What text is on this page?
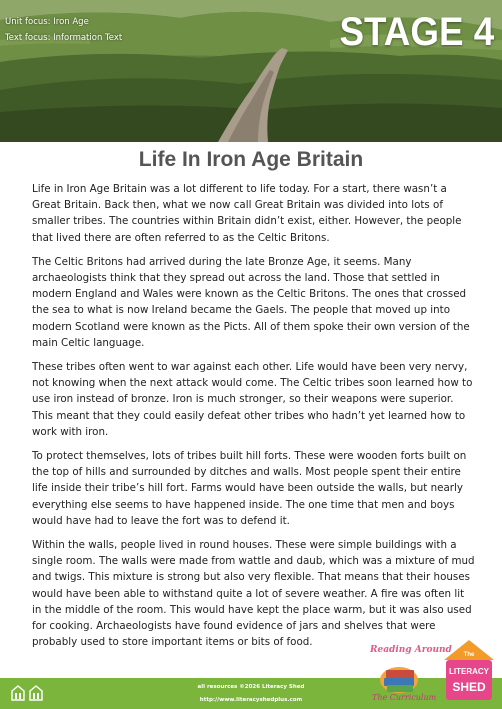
Unit focus: Iron Age
Text focus: Information Text	STAGE 4
Life In Iron Age Britain

Life in Iron Age Britain was a lot different to life today. For a start, there wasn’t a Great Britain. Back then, what we now call Great Britain was divided into lots of smaller tribes. The countries within Britain didn’t exist, either. However, the people that lived there are often referred to as the Celtic Britons.

The Celtic Britons had arrived during the late Bronze Age, it seems. Many archaeologists think that they spread out across the land. Those that settled in modern England and Wales were known as the Celtic Britons. The ones that crossed the sea to what is now Ireland became the Gaels. The people that moved up into modern Scotland were known as the Picts. All of them spoke their own version of the main Celtic language.

These tribes often went to war against each other. Life would have been very nervy, not knowing when the next attack would come. The Celtic tribes soon learned how to use iron instead of bronze. Iron is much stronger, so their weapons were superior. This meant that they could easily defeat other tribes who hadn’t yet learned how to work with iron.

To protect themselves, lots of tribes built hill forts. These were wooden forts built on the top of hills and surrounded by ditches and walls. Most people spent their entire life inside their tribe’s hill fort. Farms would have been outside the walls, but nearly everything else seems to have happened inside. The one time that men and boys would have had to leave the fort was to defend it.

Within the walls, people lived in round houses. These were simple buildings with a single room. The walls were made from wattle and daub, which was a mixture of mud and twigs. This mixture is strong but also very flexible. That means that their houses would have been able to withstand quite a lot of severe weather. A fire was often lit in the middle of the room. This would have kept the place warm, but it was also used for cooking. Archaeologists have found evidence of jars and shelves that were probably used to store important items or bits of food.

all resources ©2026 Literacy Shed
http://www.literacyshedplus.com
Reading Around
The Curriculum
The
LITERACY
SHED
